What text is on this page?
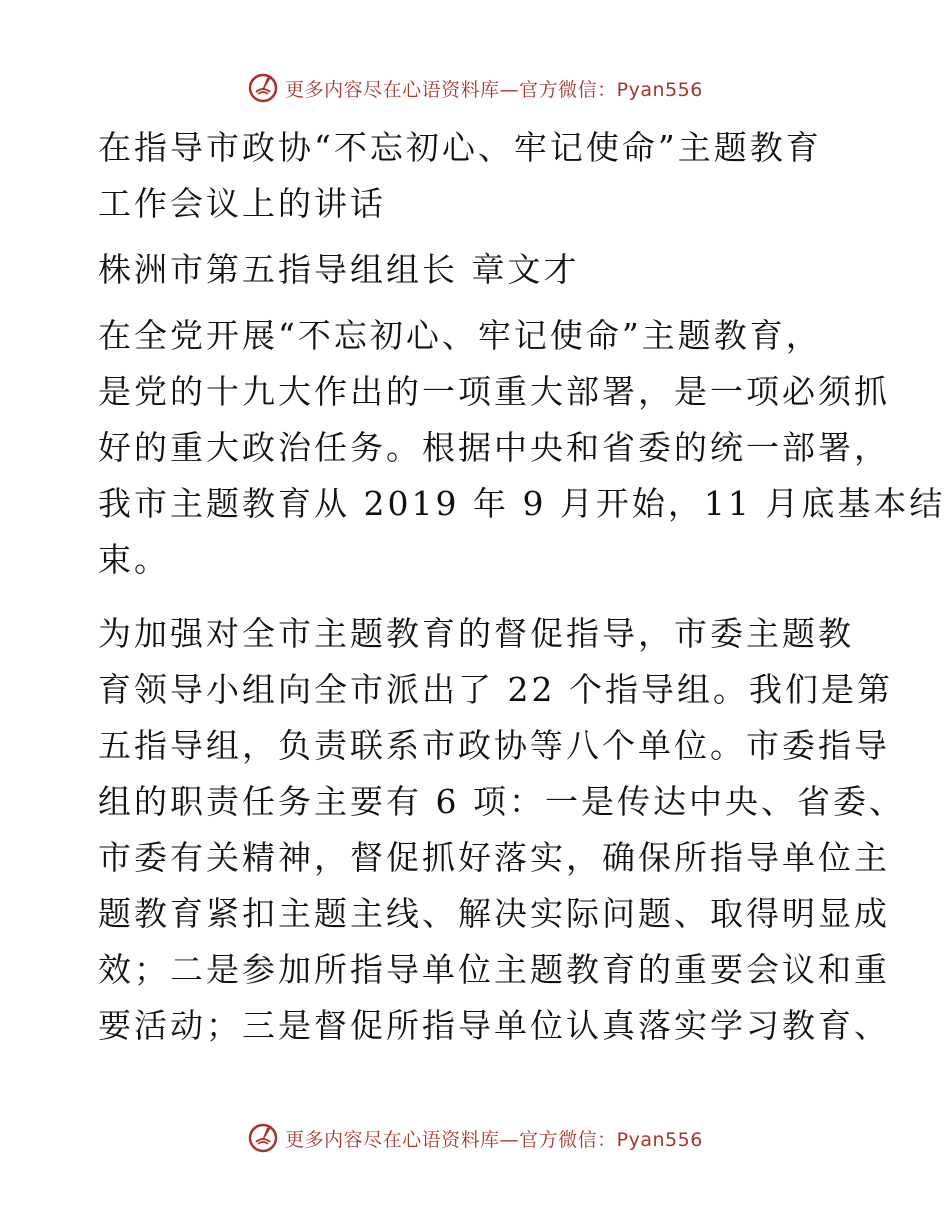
更多内容尽在心语资料库—官方微信：Pyan556
在指导市政协“不忘初心、牢记使命”主题教育
工作会议上的讲话
株洲市第五指导组组长 章文才
在全党开展“不忘初心、牢记使命”主题教育，
是党的十九大作出的一项重大部署，是一项必须抓
好的重大政治任务。根据中央和省委的统一部署，
我市主题教育从 2019 年 9 月开始，11 月底基本结
束。
为加强对全市主题教育的督促指导，市委主题教
育领导小组向全市派出了 22 个指导组。我们是第
五指导组，负责联系市政协等八个单位。市委指导
组的职责任务主要有 6 项：一是传达中央、省委、
市委有关精神，督促抓好落实，确保所指导单位主
题教育紧扣主题主线、解决实际问题、取得明显成
效；二是参加所指导单位主题教育的重要会议和重
要活动；三是督促所指导单位认真落实学习教育、
更多内容尽在心语资料库—官方微信：Pyan556
